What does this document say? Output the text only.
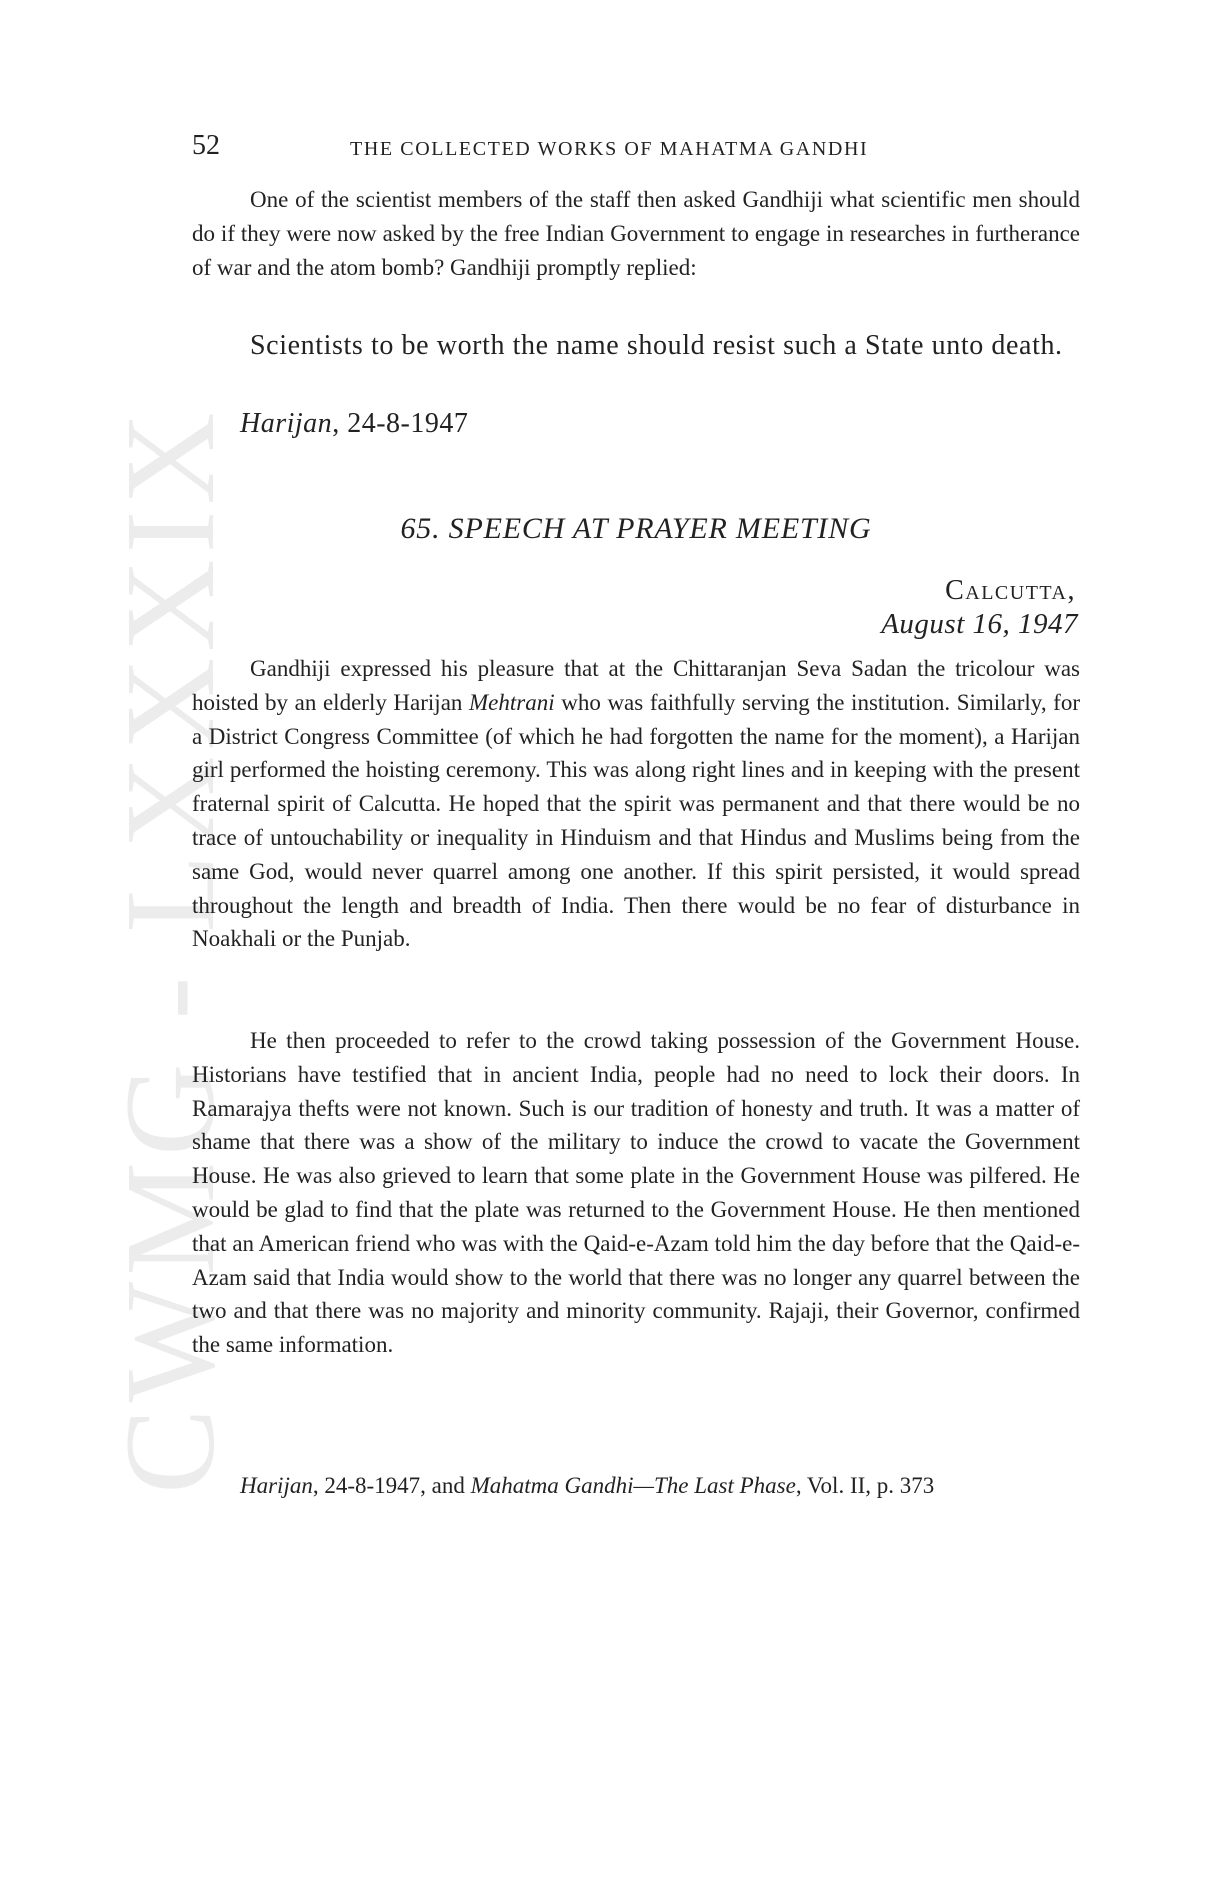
CWMG - LXXXIX
52	THE COLLECTED WORKS OF MAHATMA GANDHI

One of the scientist members of the staff then asked Gandhiji what scientific men should do if they were now asked by the free Indian Government to engage in researches in furtherance of war and the atom bomb? Gandhiji promptly replied:

Scientists to be worth the name should resist such a State unto death.

Harijan, 24-8-1947
65. SPEECH AT PRAYER MEETING
Calcutta,
August 16, 1947

Gandhiji expressed his pleasure that at the Chittaranjan Seva Sadan the tricolour was hoisted by an elderly Harijan Mehtrani who was faithfully serving the institution. Similarly, for a District Congress Committee (of which he had forgotten the name for the moment), a Harijan girl performed the hoisting ceremony. This was along right lines and in keeping with the present fraternal spirit of Calcutta. He hoped that the spirit was permanent and that there would be no trace of untouchability or inequality in Hinduism and that Hindus and Muslims being from the same God, would never quarrel among one another. If this spirit persisted, it would spread throughout the length and breadth of India. Then there would be no fear of disturbance in Noakhali or the Punjab.

He then proceeded to refer to the crowd taking possession of the Government House. Historians have testified that in ancient India, people had no need to lock their doors. In Ramarajya thefts were not known. Such is our tradition of honesty and truth. It was a matter of shame that there was a show of the military to induce the crowd to vacate the Government House. He was also grieved to learn that some plate in the Government House was pilfered. He would be glad to find that the plate was returned to the Government House. He then mentioned that an American friend who was with the Qaid-e-Azam told him the day before that the Qaid-e-Azam said that India would show to the world that there was no longer any quarrel between the two and that there was no majority and minority community. Rajaji, their Governor, confirmed the same information.

Harijan, 24-8-1947, and Mahatma Gandhi—The Last Phase, Vol. II, p. 373
